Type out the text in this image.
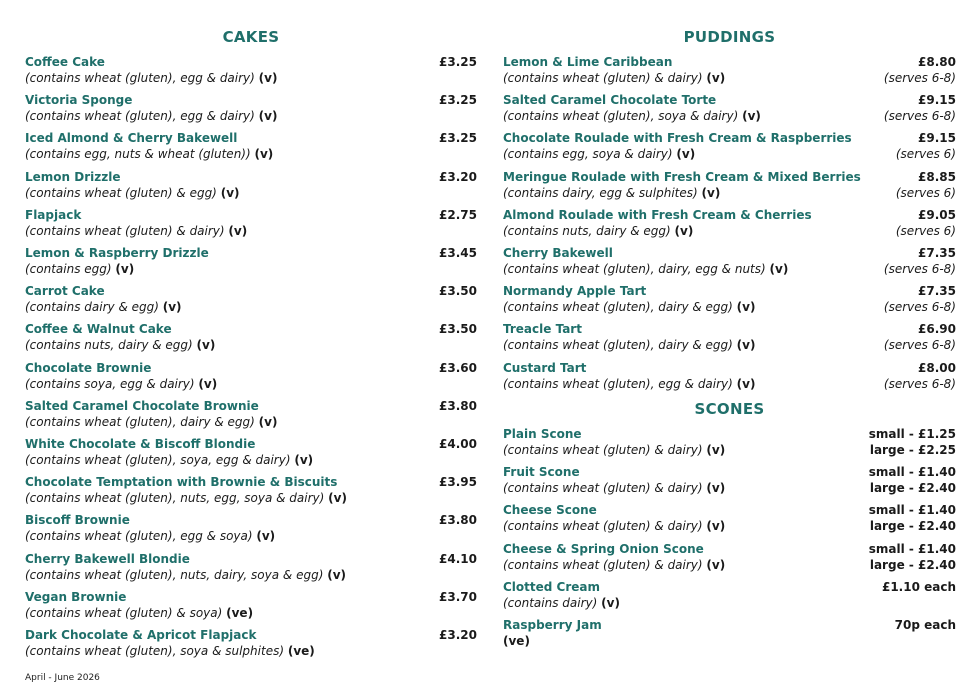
CAKES
Coffee Cake	£3.25
(contains wheat (gluten), egg & dairy) (v)
Victoria Sponge	£3.25
(contains wheat (gluten), egg & dairy) (v)
Iced Almond & Cherry Bakewell	£3.25
(contains egg, nuts & wheat (gluten)) (v)
Lemon Drizzle	£3.20
(contains wheat (gluten) & egg) (v)
Flapjack	£2.75
(contains wheat (gluten) & dairy) (v)
Lemon & Raspberry Drizzle	£3.45
(contains egg) (v)
Carrot Cake	£3.50
(contains dairy & egg) (v)
Coffee & Walnut Cake	£3.50
(contains nuts, dairy & egg) (v)
Chocolate Brownie	£3.60
(contains soya, egg & dairy) (v)
Salted Caramel Chocolate Brownie	£3.80
(contains wheat (gluten), dairy & egg) (v)
White Chocolate & Biscoff Blondie	£4.00
(contains wheat (gluten), soya, egg & dairy) (v)
Chocolate Temptation with Brownie & Biscuits	£3.95
(contains wheat (gluten), nuts, egg, soya & dairy) (v)
Biscoff Brownie	£3.80
(contains wheat (gluten), egg & soya) (v)
Cherry Bakewell Blondie	£4.10
(contains wheat (gluten), nuts, dairy, soya & egg) (v)
Vegan Brownie	£3.70
(contains wheat (gluten) & soya) (ve)
Dark Chocolate & Apricot Flapjack	£3.20
(contains wheat (gluten), soya & sulphites) (ve)
PUDDINGS
Lemon & Lime Caribbean	£8.80
(contains wheat (gluten) & dairy) (v)	(serves 6-8)
Salted Caramel Chocolate Torte	£9.15
(contains wheat (gluten), soya & dairy) (v)	(serves 6-8)
Chocolate Roulade with Fresh Cream & Raspberries	£9.15
(contains egg, soya & dairy) (v)	(serves 6)
Meringue Roulade with Fresh Cream & Mixed Berries	£8.85
(contains dairy, egg & sulphites) (v)	(serves 6)
Almond Roulade with Fresh Cream & Cherries	£9.05
(contains nuts, dairy & egg) (v)	(serves 6)
Cherry Bakewell	£7.35
(contains wheat (gluten), dairy, egg & nuts) (v)	(serves 6-8)
Normandy Apple Tart	£7.35
(contains wheat (gluten), dairy & egg) (v)	(serves 6-8)
Treacle Tart	£6.90
(contains wheat (gluten), dairy & egg) (v)	(serves 6-8)
Custard Tart	£8.00
(contains wheat (gluten), egg & dairy) (v)	(serves 6-8)
SCONES
Plain Scone	small - £1.25
(contains wheat (gluten) & dairy) (v)	large - £2.25
Fruit Scone	small - £1.40
(contains wheat (gluten) & dairy) (v)	large - £2.40
Cheese Scone	small - £1.40
(contains wheat (gluten) & dairy) (v)	large - £2.40
Cheese & Spring Onion Scone	small - £1.40
(contains wheat (gluten) & dairy) (v)	large - £2.40
Clotted Cream	£1.10 each
(contains dairy) (v)
Raspberry Jam	70p each
(ve)
April - June 2026
